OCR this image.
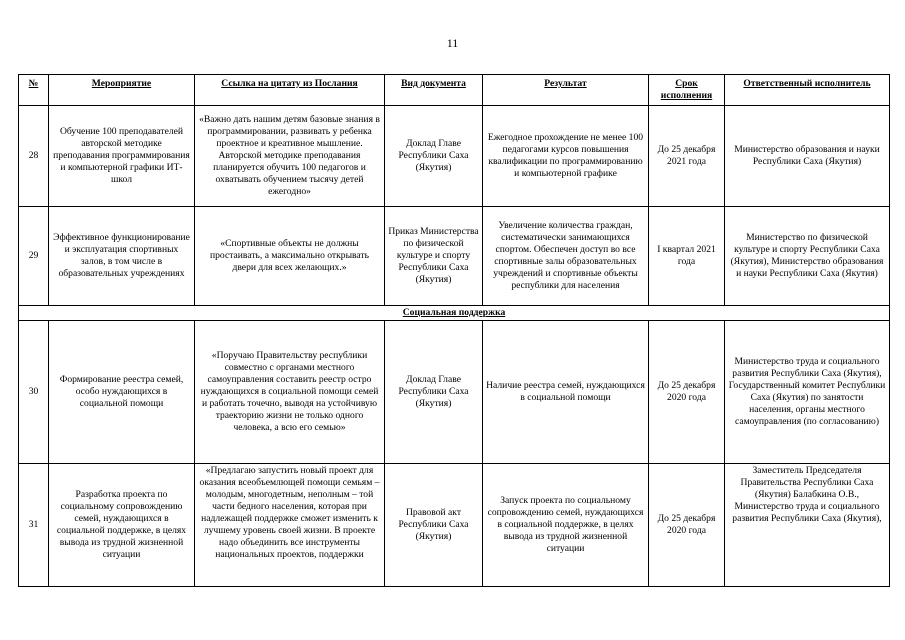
11
№	Мероприятие	Ссылка на цитату из Послания	Вид документа	Результат	Срок исполнения	Ответственный исполнитель
28	Обучение 100 преподавателей авторской методике преподавания программирования и компьютерной графики ИТ-школ	«Важно дать нашим детям базовые знания в программировании, развивать у ребенка проектное и креативное мышление. Авторской методике преподавания планируется обучить 100 педагогов и охватывать обучением тысячу детей ежегодно»	Доклад Главе Республики Саха (Якутия)	Ежегодное прохождение не менее 100 педагогами курсов повышения квалификации по программированию и компьютерной графике	До 25 декабря 2021 года	Министерство образования и науки Республики Саха (Якутия)
29	Эффективное функционирование и эксплуатация спортивных залов, в том числе в образовательных учреждениях	«Спортивные объекты не должны простаивать, а максимально открывать двери для всех желающих.»	Приказ Министерства по физической культуре и спорту Республики Саха (Якутия)	Увеличение количества граждан, систематически занимающихся спортом. Обеспечен доступ во все спортивные залы образовательных учреждений и спортивные объекты республики для населения	I квартал 2021 года	Министерство по физической культуре и спорту Республики Саха (Якутия), Министерство образования и науки Республики Саха (Якутия)
Социальная поддержка						
30	Формирование реестра семей, особо нуждающихся в социальной помощи	«Поручаю Правительству республики совместно с органами местного самоуправления составить реестр остро нуждающихся в социальной помощи семей и работать точечно, выводя на устойчивую траекторию жизни не только одного человека, а всю его семью»	Доклад Главе Республики Саха (Якутия)	Наличие реестра семей, нуждающихся в социальной помощи	До 25 декабря 2020 года	Министерство труда и социального развития Республики Саха (Якутия), Государственный комитет Республики Саха (Якутия) по занятости населения, органы местного самоуправления (по согласованию)
31	Разработка проекта по социальному сопровождению семей, нуждающихся в социальной поддержке, в целях вывода из трудной жизненной ситуации	«Предлагаю запустить новый проект для оказания всеобъемлющей помощи семьям – молодым, многодетным, неполным – той части бедного населения, которая при надлежащей поддержке сможет изменить к лучшему уровень своей жизни. В проекте надо объединить все инструменты национальных проектов, поддержки	Правовой акт Республики Саха (Якутия)	Запуск проекта по социальному сопровождению семей, нуждающихся в социальной поддержке, в целях вывода из трудной жизненной ситуации	До 25 декабря 2020 года	Заместитель Председателя Правительства Республики Саха (Якутия) Балабкина О.В., Министерство труда и социального развития Республики Саха (Якутия),
